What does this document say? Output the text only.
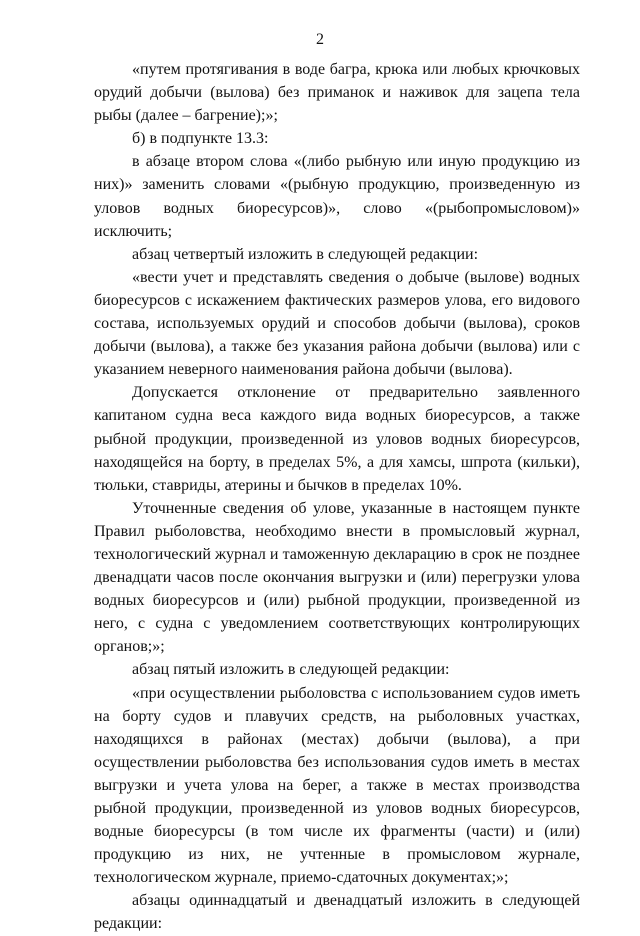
2

«путем протягивания в воде багра, крюка или любых крючковых орудий добычи (вылова) без приманок и наживок для зацепа тела рыбы (далее – багрение);»;

б) в подпункте 13.3:

в абзаце втором слова «(либо рыбную или иную продукцию из них)» заменить словами «(рыбную продукцию, произведенную из уловов водных биоресурсов)», слово «(рыбопромысловом)» исключить;

абзац четвертый изложить в следующей редакции:

«вести учет и представлять сведения о добыче (вылове) водных биоресурсов с искажением фактических размеров улова, его видового состава, используемых орудий и способов добычи (вылова), сроков добычи (вылова), а также без указания района добычи (вылова) или с указанием неверного наименования района добычи (вылова).

Допускается отклонение от предварительно заявленного капитаном судна веса каждого вида водных биоресурсов, а также рыбной продукции, произведенной из уловов водных биоресурсов, находящейся на борту, в пределах 5%, а для хамсы, шпрота (кильки), тюльки, ставриды, атерины и бычков в пределах 10%.

Уточненные сведения об улове, указанные в настоящем пункте Правил рыболовства, необходимо внести в промысловый журнал, технологический журнал и таможенную декларацию в срок не позднее двенадцати часов после окончания выгрузки и (или) перегрузки улова водных биоресурсов и (или) рыбной продукции, произведенной из него, с судна с уведомлением соответствующих контролирующих органов;»;

абзац пятый изложить в следующей редакции:

«при осуществлении рыболовства с использованием судов иметь на борту судов и плавучих средств, на рыболовных участках, находящихся в районах (местах) добычи (вылова), а при осуществлении рыболовства без использования судов иметь в местах выгрузки и учета улова на берег, а также в местах производства рыбной продукции, произведенной из уловов водных биоресурсов, водные биоресурсы (в том числе их фрагменты (части) и (или) продукцию из них, не учтенные в промысловом журнале, технологическом журнале, приемо-сдаточных документах;»;

абзацы одиннадцатый и двенадцатый изложить в следующей редакции:
